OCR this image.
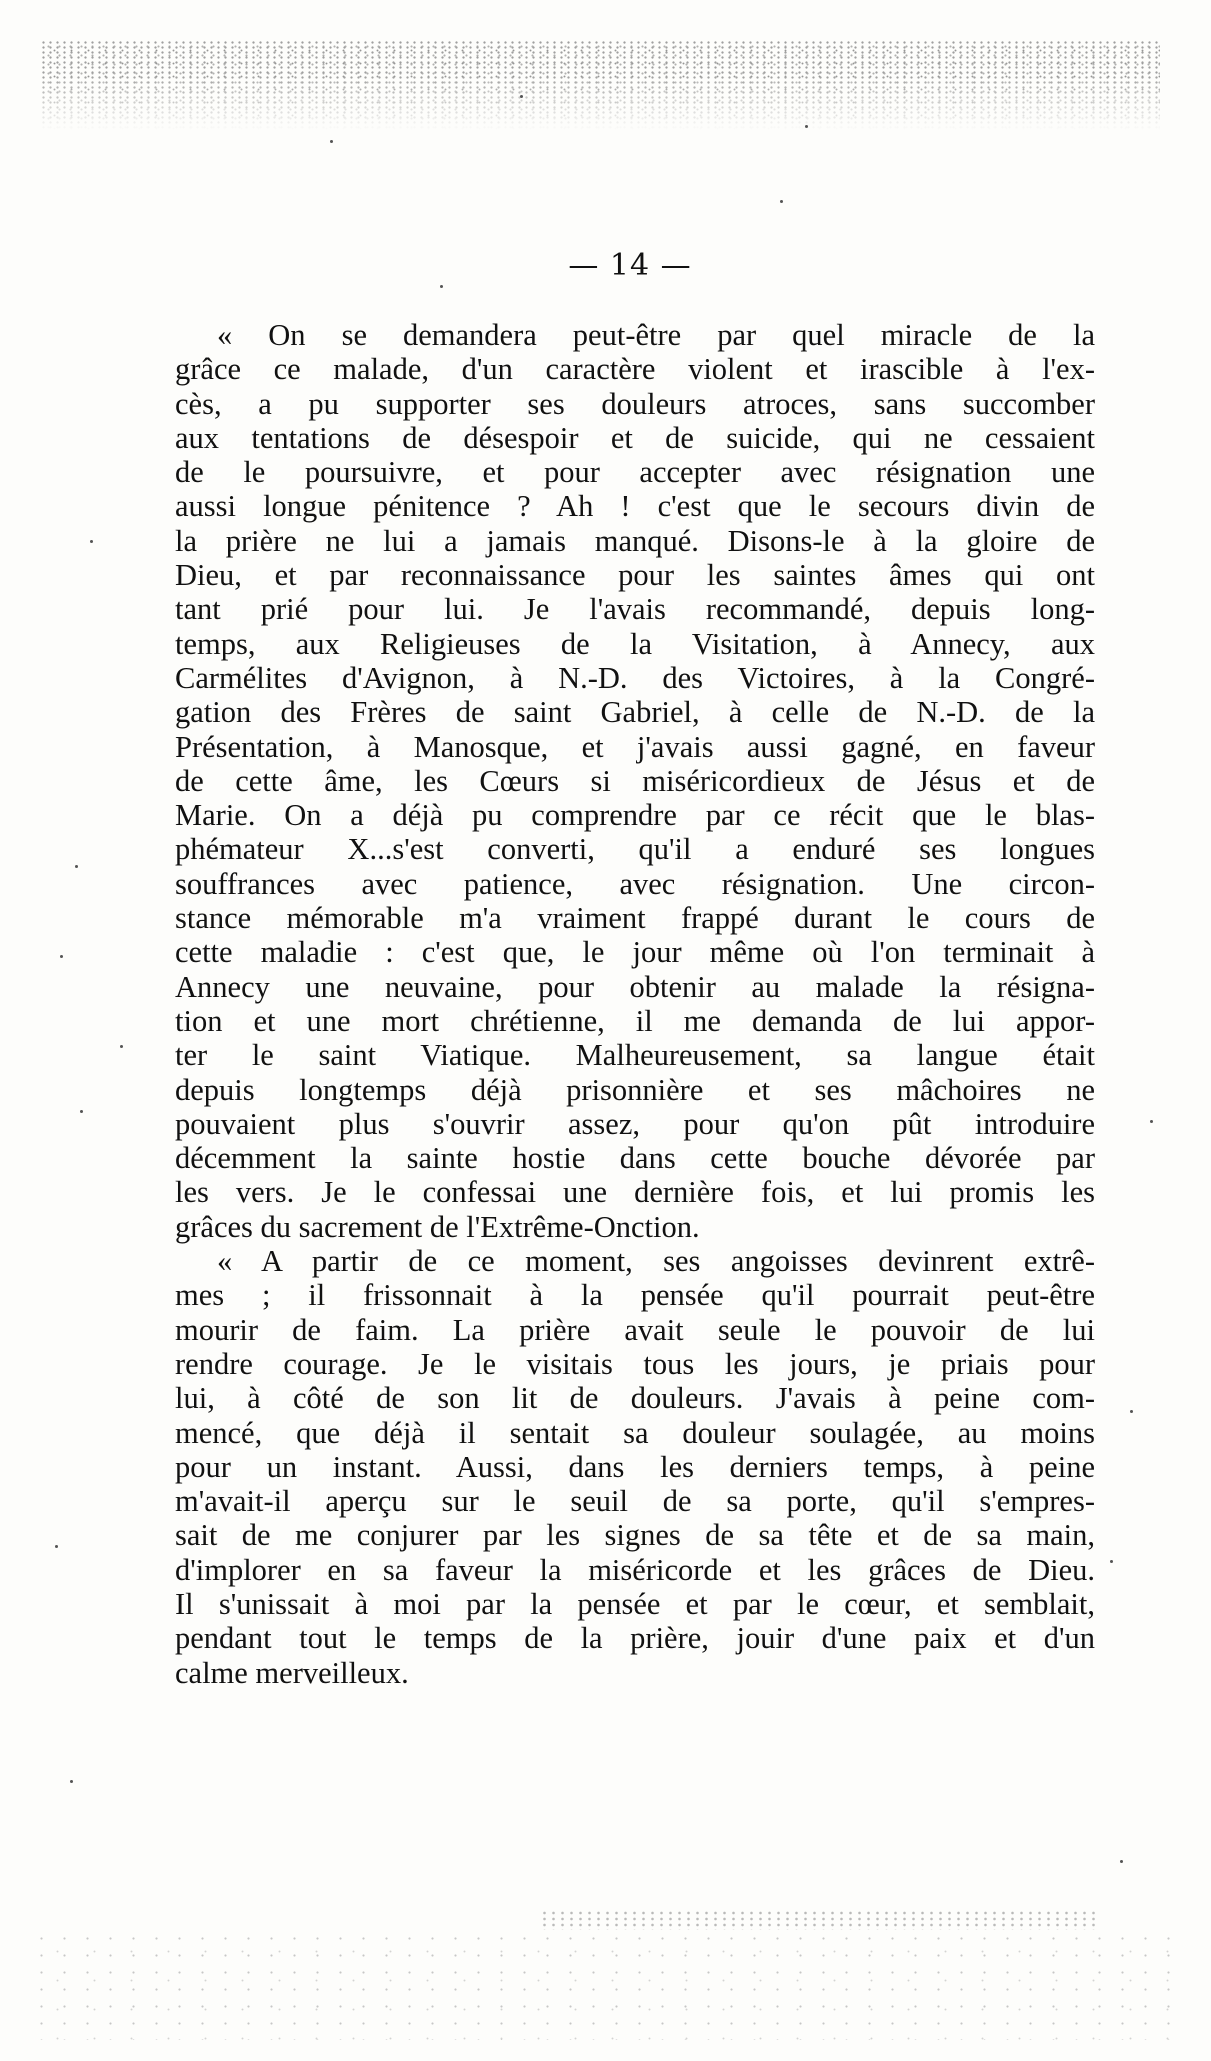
— 14 —
« On se demandera peut-être par quel miracle de la
grâce ce malade, d'un caractère violent et irascible à l'ex-
cès, a pu supporter ses douleurs atroces, sans succomber
aux tentations de désespoir et de suicide, qui ne cessaient
de le poursuivre, et pour accepter avec résignation une
aussi longue pénitence ? Ah ! c'est que le secours divin de
la prière ne lui a jamais manqué. Disons-le à la gloire de
Dieu, et par reconnaissance pour les saintes âmes qui ont
tant prié pour lui. Je l'avais recommandé, depuis long-
temps, aux Religieuses de la Visitation, à Annecy, aux
Carmélites d'Avignon, à N.-D. des Victoires, à la Congré-
gation des Frères de saint Gabriel, à celle de N.-D. de la
Présentation, à Manosque, et j'avais aussi gagné, en faveur
de cette âme, les Cœurs si miséricordieux de Jésus et de
Marie. On a déjà pu comprendre par ce récit que le blas-
phémateur X...s'est converti, qu'il a enduré ses longues
souffrances avec patience, avec résignation. Une circon-
stance mémorable m'a vraiment frappé durant le cours de
cette maladie : c'est que, le jour même où l'on terminait à
Annecy une neuvaine, pour obtenir au malade la résigna-
tion et une mort chrétienne, il me demanda de lui appor-
ter le saint Viatique. Malheureusement, sa langue était
depuis longtemps déjà prisonnière et ses mâchoires ne
pouvaient plus s'ouvrir assez, pour qu'on pût introduire
décemment la sainte hostie dans cette bouche dévorée par
les vers. Je le confessai une dernière fois, et lui promis les
grâces du sacrement de l'Extrême-Onction.
« A partir de ce moment, ses angoisses devinrent extrê-
mes ; il frissonnait à la pensée qu'il pourrait peut-être
mourir de faim. La prière avait seule le pouvoir de lui
rendre courage. Je le visitais tous les jours, je priais pour
lui, à côté de son lit de douleurs. J'avais à peine com-
mencé, que déjà il sentait sa douleur soulagée, au moins
pour un instant. Aussi, dans les derniers temps, à peine
m'avait-il aperçu sur le seuil de sa porte, qu'il s'empres-
sait de me conjurer par les signes de sa tête et de sa main,
d'implorer en sa faveur la miséricorde et les grâces de Dieu.
Il s'unissait à moi par la pensée et par le cœur, et semblait,
pendant tout le temps de la prière, jouir d'une paix et d'un
calme merveilleux.
